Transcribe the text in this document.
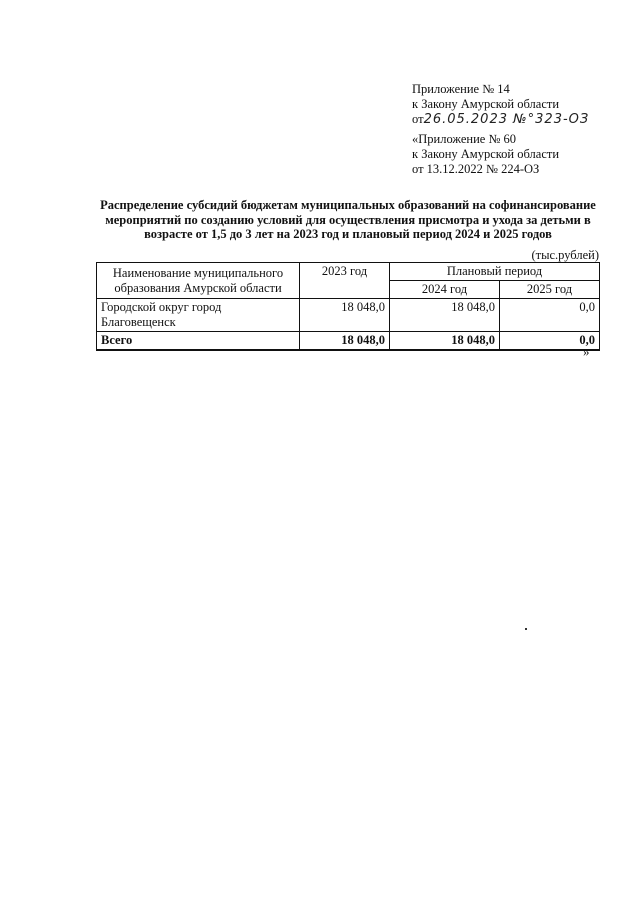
Приложение № 14
к Закону Амурской области
от26.05.2023 №°323-ОЗ
«Приложение № 60
к Закону Амурской области
от 13.12.2022 № 224-ОЗ
Распределение субсидий бюджетам муниципальных образований на софинансирование мероприятий по созданию условий для осуществления присмотра и ухода за детьми в возрасте от 1,5 до 3 лет на 2023 год и плановый период 2024 и 2025 годов
(тыс.рублей)
Наименование муниципального образования Амурской области	2023 год	Плановый период	
		2024 год	2025 год
Городской округ город Благовещенск	18 048,0	18 048,0	0,0
Всего	18 048,0	18 048,0	0,0
»
